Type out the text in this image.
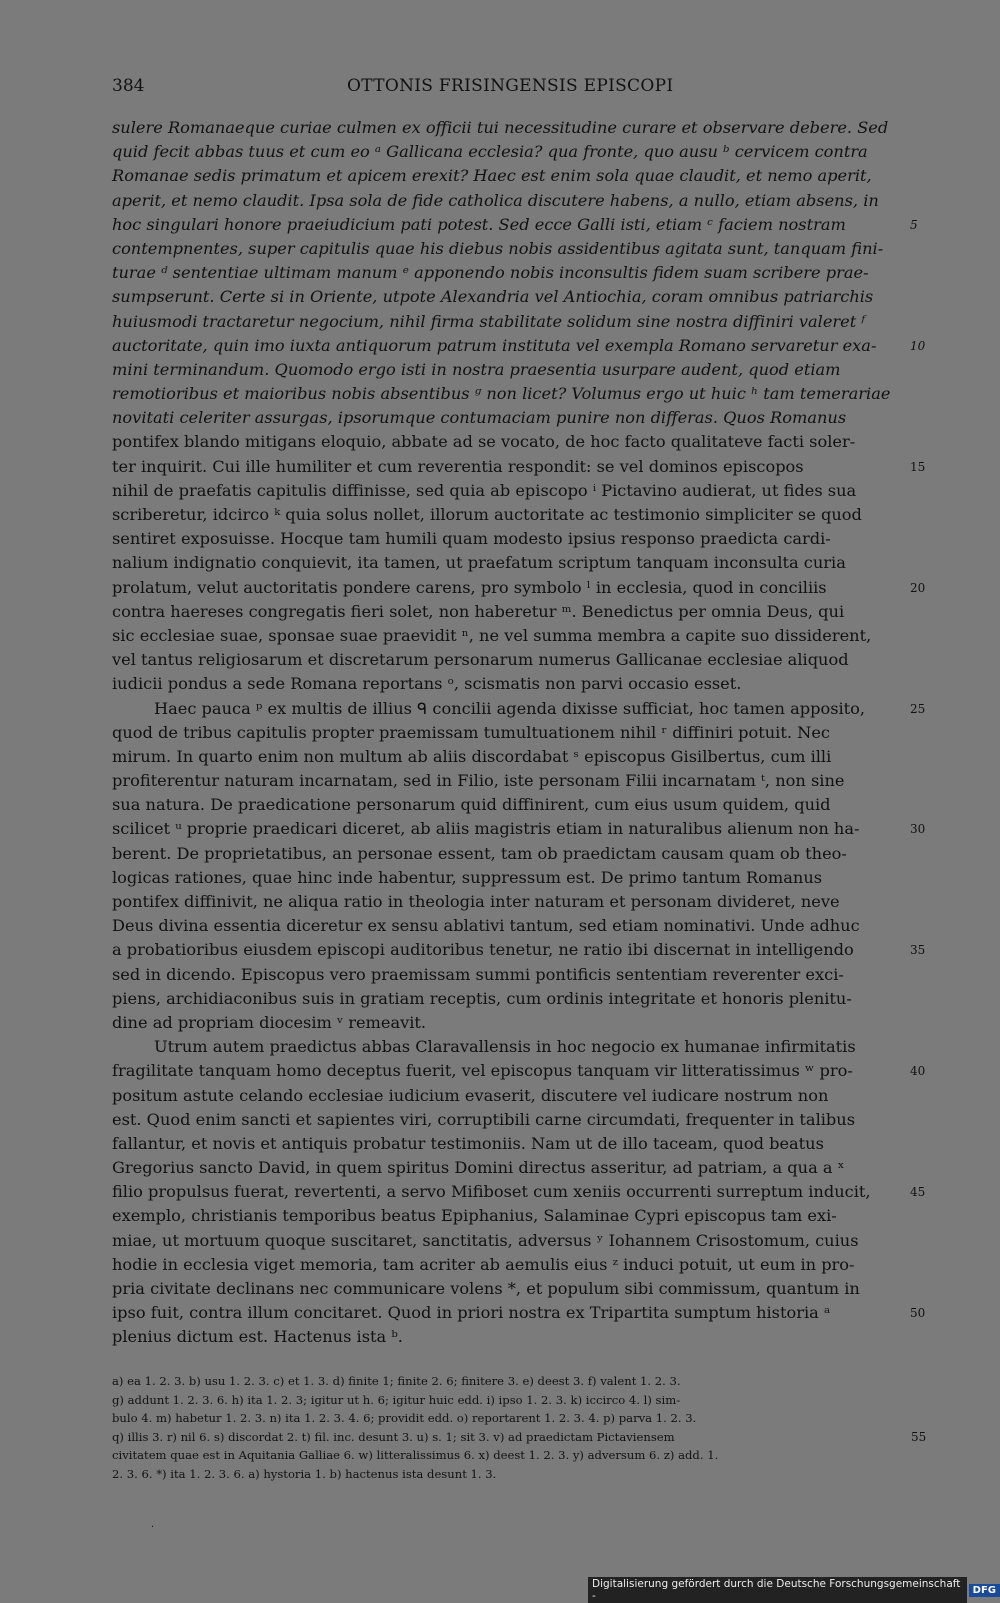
384	OTTONIS FRISINGENSIS EPISCOPI
sulere Romanaeque curiae culmen ex officii tui necessitudine curare et observare debere. Sed
quid fecit abbas tuus et cum eo ᵃ Gallicana ecclesia? qua fronte, quo ausu ᵇ cervicem contra
Romanae sedis primatum et apicem erexit? Haec est enim sola quae claudit, et nemo aperit,
aperit, et nemo claudit. Ipsa sola de fide catholica discutere habens, a nullo, etiam absens, in
hoc singulari honore praeiudicium pati potest. Sed ecce Galli isti, etiam ᶜ faciem nostram	5
contempnentes, super capitulis quae his diebus nobis assidentibus agitata sunt, tanquam fini-
turae ᵈ sententiae ultimam manum ᵉ apponendo nobis inconsultis fidem suam scribere prae-
sumpserunt. Certe si in Oriente, utpote Alexandria vel Antiochia, coram omnibus patriarchis
huiusmodi tractaretur negocium, nihil firma stabilitate solidum sine nostra diffiniri valeret ᶠ
auctoritate, quin imo iuxta antiquorum patrum instituta vel exempla Romano servaretur exa-	10
mini terminandum. Quomodo ergo isti in nostra praesentia usurpare audent, quod etiam
remotioribus et maioribus nobis absentibus ᵍ non licet? Volumus ergo ut huic ʰ tam temerariae
novitati celeriter assurgas, ipsorumque contumaciam punire non differas. Quos Romanus
pontifex blando mitigans eloquio, abbate ad se vocato, de hoc facto qualitateve facti soler-
ter inquirit. Cui ille humiliter et cum reverentia respondit: se vel dominos episcopos	15
nihil de praefatis capitulis diffinisse, sed quia ab episcopo ⁱ Pictavino audierat, ut fides sua
scriberetur, idcirco ᵏ quia solus nollet, illorum auctoritate ac testimonio simpliciter se quod
sentiret exposuisse. Hocque tam humili quam modesto ipsius responso praedicta cardi-
nalium indignatio conquievit, ita tamen, ut praefatum scriptum tanquam inconsulta curia
prolatum, velut auctoritatis pondere carens, pro symbolo ˡ in ecclesia, quod in conciliis	20
contra haereses congregatis fieri solet, non haberetur ᵐ. Benedictus per omnia Deus, qui
sic ecclesiae suae, sponsae suae praevidit ⁿ, ne vel summa membra a capite suo dissiderent,
vel tantus religiosarum et discretarum personarum numerus Gallicanae ecclesiae aliquod
iudicii pondus a sede Romana reportans ᵒ, scismatis non parvi occasio esset.
Haec pauca ᵖ ex multis de illius ᑫ concilii agenda dixisse sufficiat, hoc tamen apposito,	25
quod de tribus capitulis propter praemissam tumultuationem nihil ʳ diffiniri potuit. Nec
mirum. In quarto enim non multum ab aliis discordabat ˢ episcopus Gisilbertus, cum illi
profiterentur naturam incarnatam, sed in Filio, iste personam Filii incarnatam ᵗ, non sine
sua natura. De praedicatione personarum quid diffinirent, cum eius usum quidem, quid
scilicet ᵘ proprie praedicari diceret, ab aliis magistris etiam in naturalibus alienum non ha-	30
berent. De proprietatibus, an personae essent, tam ob praedictam causam quam ob theo-
logicas rationes, quae hinc inde habentur, suppressum est. De primo tantum Romanus
pontifex diffinivit, ne aliqua ratio in theologia inter naturam et personam divideret, neve
Deus divina essentia diceretur ex sensu ablativi tantum, sed etiam nominativi. Unde adhuc
a probatioribus eiusdem episcopi auditoribus tenetur, ne ratio ibi discernat in intelligendo	35
sed in dicendo. Episcopus vero praemissam summi pontificis sententiam reverenter exci-
piens, archidiaconibus suis in gratiam receptis, cum ordinis integritate et honoris plenitu-
dine ad propriam diocesim ᵛ remeavit.
Utrum autem praedictus abbas Claravallensis in hoc negocio ex humanae infirmitatis
fragilitate tanquam homo deceptus fuerit, vel episcopus tanquam vir litteratissimus ʷ pro-	40
positum astute celando ecclesiae iudicium evaserit, discutere vel iudicare nostrum non
est. Quod enim sancti et sapientes viri, corruptibili carne circumdati, frequenter in talibus
fallantur, et novis et antiquis probatur testimoniis. Nam ut de illo taceam, quod beatus
Gregorius sancto David, in quem spiritus Domini directus asseritur, ad patriam, a qua a ˣ
filio propulsus fuerat, revertenti, a servo Mifiboset cum xeniis occurrenti surreptum inducit,	45
exemplo, christianis temporibus beatus Epiphanius, Salaminae Cypri episcopus tam exi-
miae, ut mortuum quoque suscitaret, sanctitatis, adversus ʸ Iohannem Crisostomum, cuius
hodie in ecclesia viget memoria, tam acriter ab aemulis eius ᶻ induci potuit, ut eum in pro-
pria civitate declinans nec communicare volens *, et populum sibi commissum, quantum in
ipso fuit, contra illum concitaret. Quod in priori nostra ex Tripartita sumptum historia ᵃ	50
plenius dictum est. Hactenus ista ᵇ.
a) ea 1. 2. 3. b) usu 1. 2. 3. c) et 1. 3. d) finite 1; finite 2. 6; finitere 3. e) deest 3. f) valent 1. 2. 3.
g) addunt 1. 2. 3. 6. h) ita 1. 2. 3; igitur ut h. 6; igitur huic edd. i) ipso 1. 2. 3. k) iccirco 4. l) sim-
bulo 4. m) habetur 1. 2. 3. n) ita 1. 2. 3. 4. 6; providit edd. o) reportarent 1. 2. 3. 4. p) parva 1. 2. 3.
q) illis 3. r) nil 6. s) discordat 2. t) fil. inc. desunt 3. u) s. 1; sit 3. v) ad praedictam Pictaviensem	55
civitatem quae est in Aquitania Galliae 6. w) litteralissimus 6. x) deest 1. 2. 3. y) adversum 6. z) add. 1.
2. 3. 6. *) ita 1. 2. 3. 6. a) hystoria 1. b) hactenus ista desunt 1. 3.
·
Digitalisierung gefördert durch die Deutsche Forschungsgemeinschaft -	DFG
